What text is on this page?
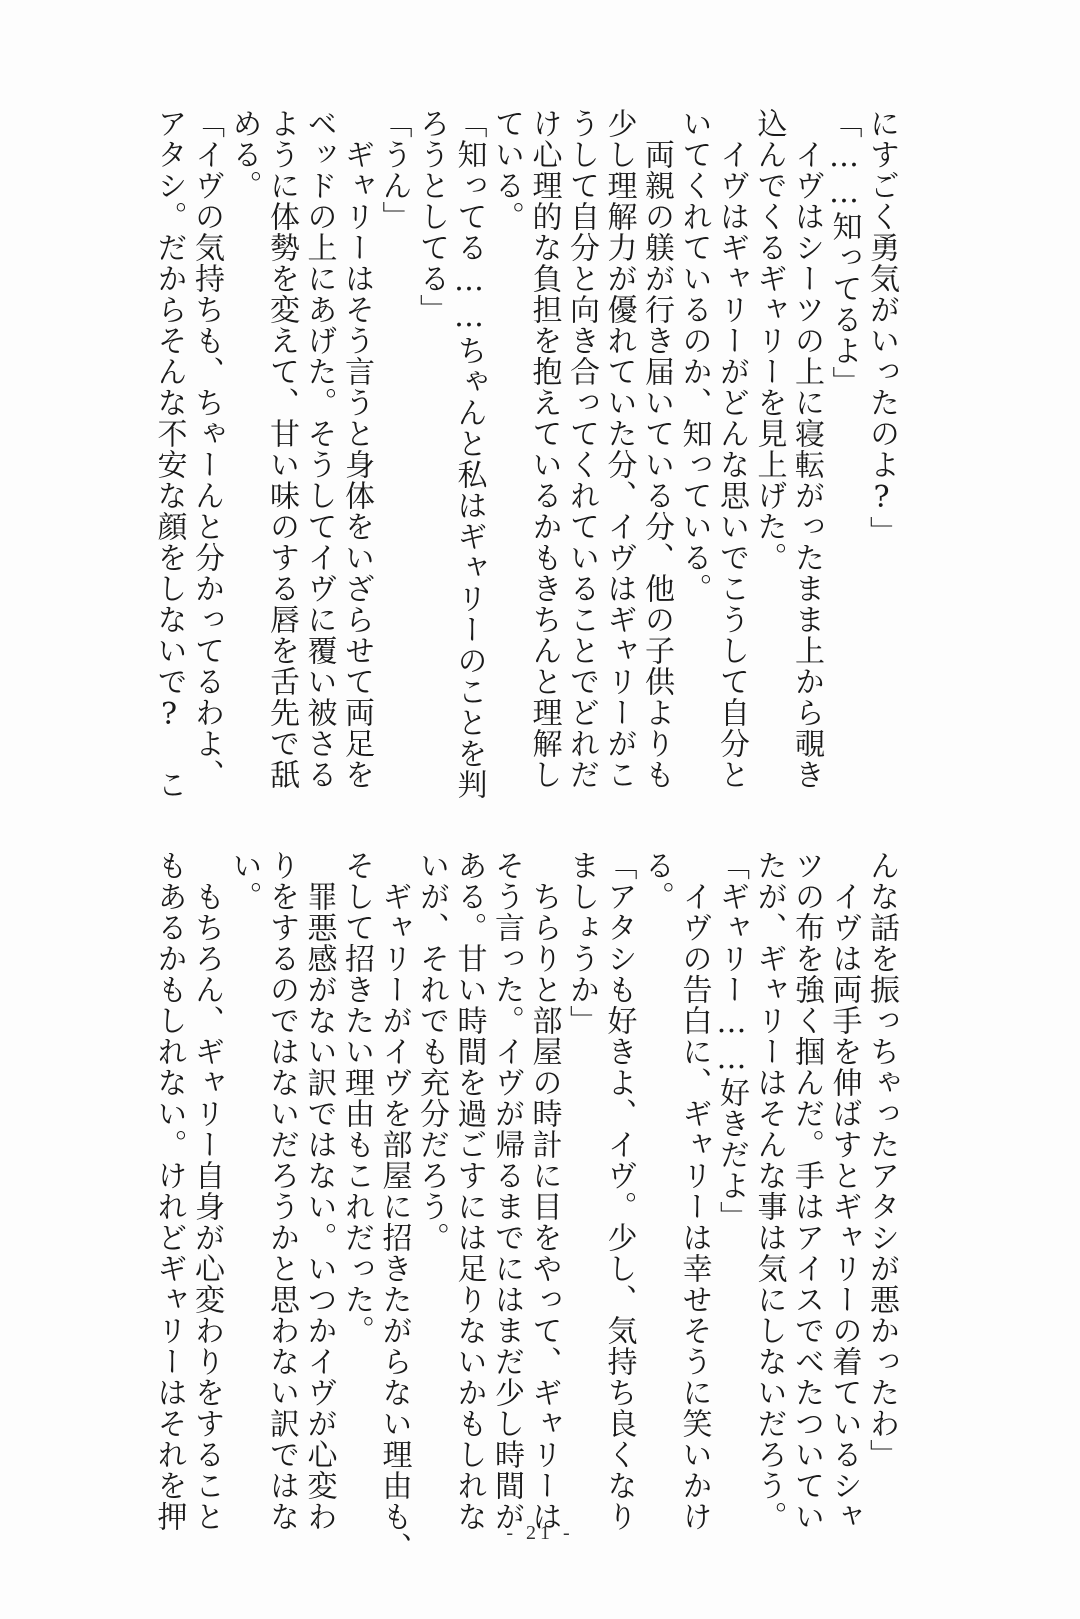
にすごく勇気がいったのよ?」
「……知ってるよ」
　イヴはシーツの上に寝転がったまま上から覗き
込んでくるギャリーを見上げた。
　イヴはギャリーがどんな思いでこうして自分と
いてくれているのか、知っている。
　両親の躾が行き届いている分、他の子供よりも
少し理解力が優れていた分、イヴはギャリーがこ
うして自分と向き合ってくれていることでどれだ
け心理的な負担を抱えているかもきちんと理解し
ている。
「知ってる……ちゃんと私はギャリーのことを判
ろうとしてる」
「うん」
　ギャリーはそう言うと身体をいざらせて両足を
ベッドの上にあげた。そうしてイヴに覆い被さる
ように体勢を変えて、甘い味のする唇を舌先で舐
める。
「イヴの気持ちも、ちゃーんと分かってるわよ、
アタシ。だからそんな不安な顔をしないで? こ
んな話を振っちゃったアタシが悪かったわ」
　イヴは両手を伸ばすとギャリーの着ているシャ
ツの布を強く掴んだ。手はアイスでべたついてい
たが、ギャリーはそんな事は気にしないだろう。
「ギャリー……好きだよ」
　イヴの告白に、ギャリーは幸せそうに笑いかけ
る。
「アタシも好きよ、イヴ。少し、気持ち良くなり
ましょうか」
　ちらりと部屋の時計に目をやって、ギャリーは
そう言った。イヴが帰るまでにはまだ少し時間が
ある。甘い時間を過ごすには足りないかもしれな
いが、それでも充分だろう。
　ギャリーがイヴを部屋に招きたがらない理由も、
そして招きたい理由もこれだった。
　罪悪感がない訳ではない。いつかイヴが心変わ
りをするのではないだろうかと思わない訳ではな
い。
　もちろん、ギャリー自身が心変わりをすること
もあるかもしれない。けれどギャリーはそれを押
- 21 -
